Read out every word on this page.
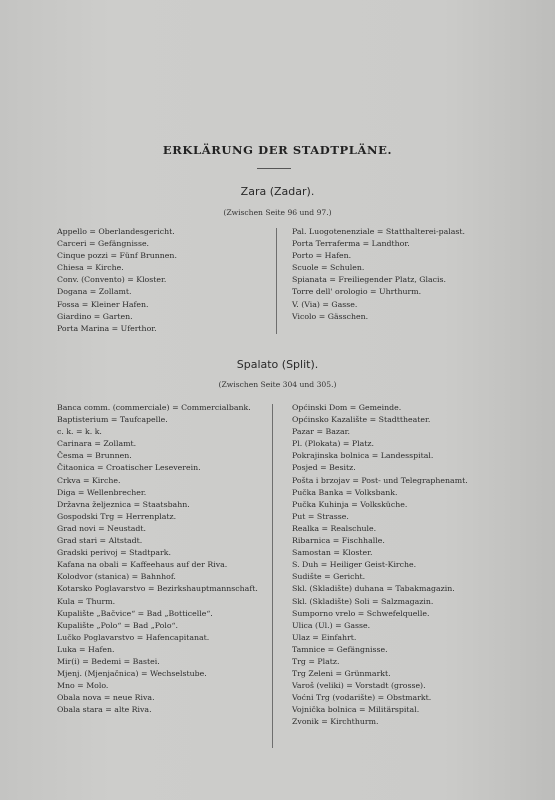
ERKLÄRUNG DER STADTPLÄNE.
Zara (Zadar).
(Zwischen Seite 96 und 97.)
Appello = Oberlandesgericht.
Carceri = Gefängnisse.
Cinque pozzi = Fünf Brunnen.
Chiesa = Kirche.
Conv. (Convento) = Kloster.
Dogana = Zollamt.
Fossa = Kleiner Hafen.
Giardino = Garten.
Porta Marina = Uferthor.
Pal. Luogotenenziale = Statthalterei-palast.
Porta Terraferma = Landthor.
Porto = Hafen.
Scuole = Schulen.
Spianata = Freiliegender Platz, Glacis.
Torre dell' orologio = Uhrthurm.
V. (Via) = Gasse.
Vicolo = Gässchen.
Spalato (Split).
(Zwischen Seite 304 und 305.)
Banca comm. (commerciale) = Commercialbank.
Baptisterium = Taufcapelle.
c. k. = k. k.
Carinara = Zollamt.
Česma = Brunnen.
Čitaonica = Croatischer Leseverein.
Crkva = Kirche.
Diga = Wellenbrecher.
Državna željeznica = Staatsbahn.
Gospodski Trg = Herrenplatz.
Grad novi = Neustadt.
Grad stari = Altstadt.
Gradski perivoj = Stadtpark.
Kafana na obali = Kaffeehaus auf der Riva.
Kolodvor (stanica) = Bahnhof.
Kotarsko Poglavarstvo = Bezirkshauptmannschaft.
Kula = Thurm.
Kupalište „Bačvice“ = Bad „Botticelle“.
Kupalište „Polo“ = Bad „Polo“.
Lučko Poglavarstvo = Hafencapitanat.
Luka = Hafen.
Mir(i) = Bedemi = Bastei.
Mjenj. (Mjenjačnica) = Wechselstube.
Mno = Molo.
Obala nova = neue Riva.
Obala stara = alte Riva.
Općinski Dom = Gemeinde.
Općinsko Kazalište = Stadttheater.
Pazar = Bazar.
Pl. (Plokata) = Platz.
Pokrajinska bolnica = Landesspital.
Posjed = Besitz.
Pošta i brzojav = Post- und Telegraphenamt.
Pučka Banka = Volksbank.
Pučka Kuhinja = Volksküche.
Put = Strasse.
Realka = Realschule.
Ribarnica = Fischhalle.
Samostan = Kloster.
S. Duh = Heiliger Geist-Kirche.
Sudište = Gericht.
Skl. (Skladište) duhana = Tabakmagazin.
Skl. (Skladište) Soli = Salzmagazin.
Sumporno vrelo = Schwefelquelle.
Ulica (Ul.) = Gasse.
Ulaz = Einfahrt.
Tamnice = Gefängnisse.
Trg = Platz.
Trg Zeleni = Grünmarkt.
Varoš (veliki) = Vorstadt (grosse).
Voćni Trg (vodarište) = Obstmarkt.
Vojnička bolnica = Militärspital.
Zvonik = Kirchthurm.
